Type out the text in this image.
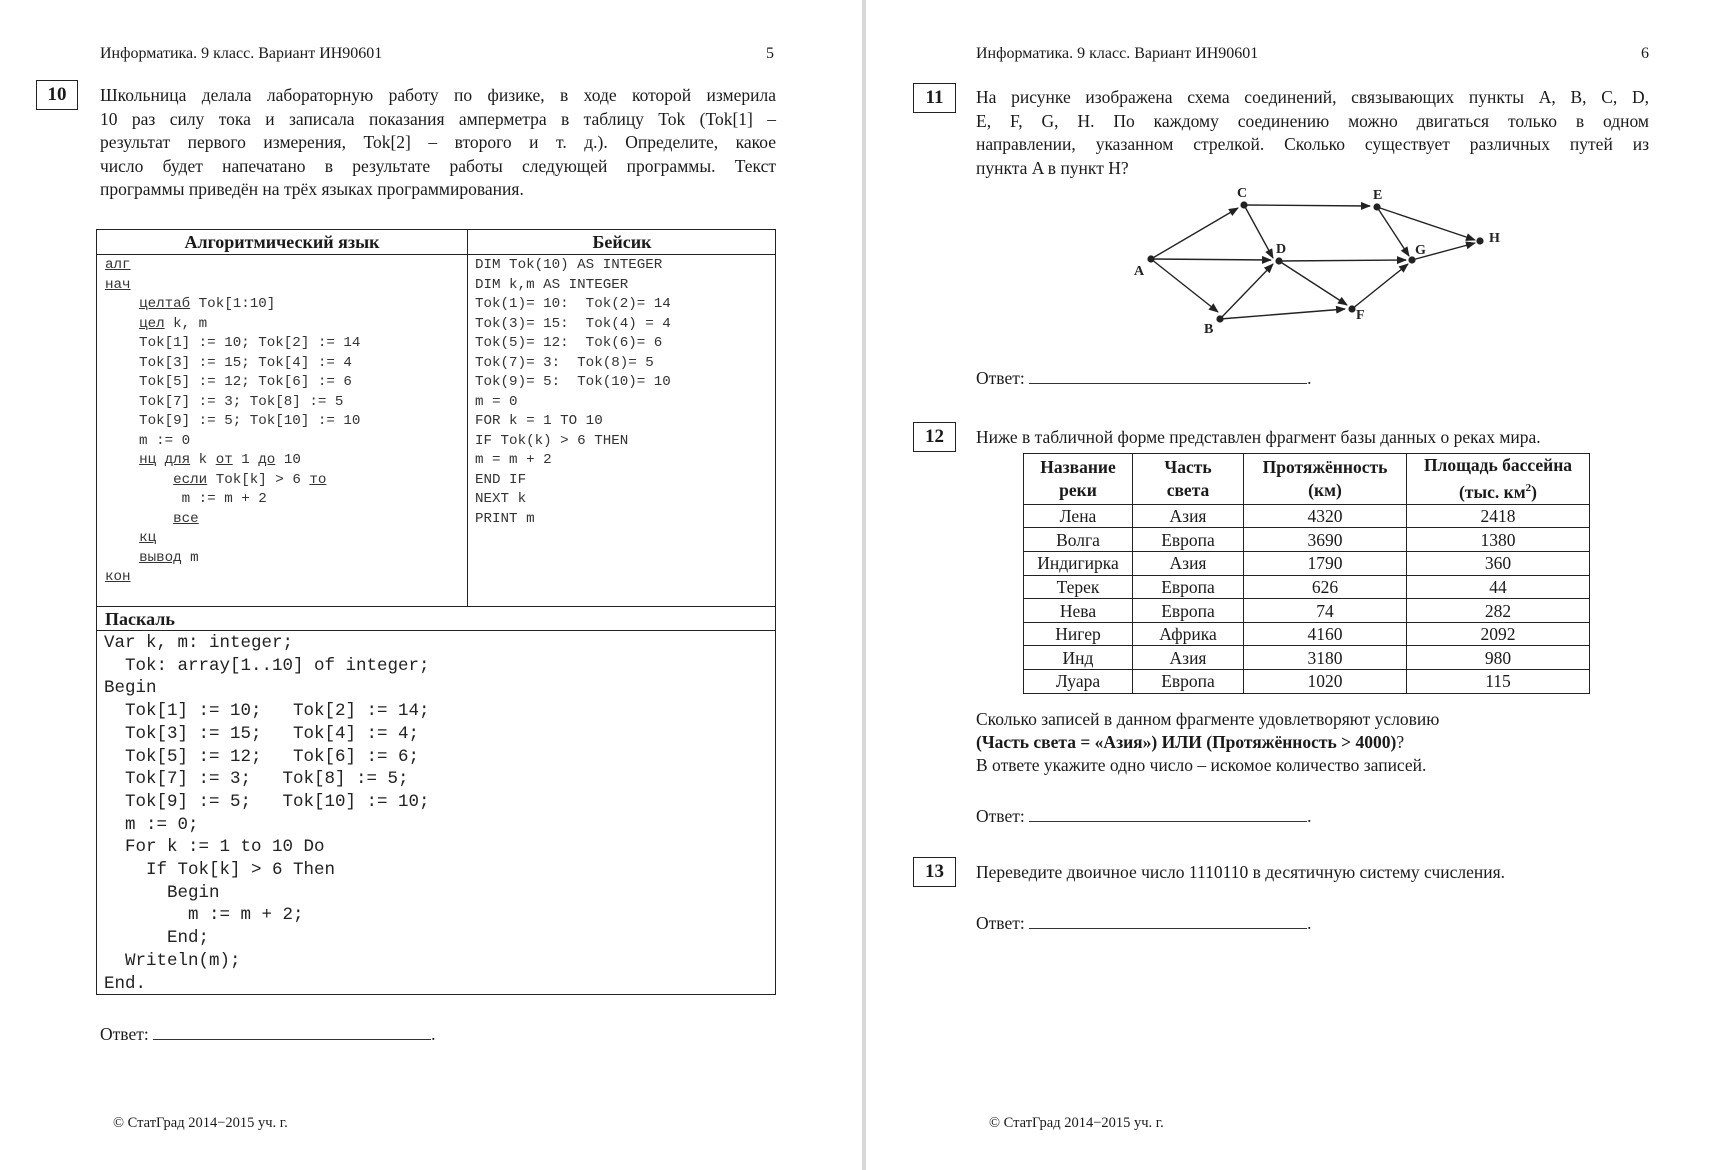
Информатика. 9 класс. Вариант ИН90601	5
10	Школьница делала лабораторную работу по физике, в ходе которой измерила
10 раз силу тока и записала показания амперметра в таблицу Tok (Tok[1] –
результат первого измерения, Tok[2] – второго и т. д.). Определите, какое
число будет напечатано в результате работы следующей программы. Текст
программы приведён на трёх языках программирования.
Алгоритмический язык	Бейсик
алг
нач
целтаб Tok[1:10]
цел k, m
Tok[1] := 10; Tok[2] := 14
Tok[3] := 15; Tok[4] := 4
Tok[5] := 12; Tok[6] := 6
Tok[7] := 3; Tok[8] := 5
Tok[9] := 5; Tok[10] := 10
m := 0
нц для k от 1 до 10
если Tok[k] > 6 то
m := m + 2
все
кц
вывод m
кон
DIM Tok(10) AS INTEGER
DIM k,m AS INTEGER
Tok(1)= 10:  Tok(2)= 14
Tok(3)= 15:  Tok(4) = 4
Tok(5)= 12:  Tok(6)= 6
Tok(7)= 3:  Tok(8)= 5
Tok(9)= 5:  Tok(10)= 10
m = 0
FOR k = 1 TO 10
IF Tok(k) > 6 THEN
m = m + 2
END IF
NEXT k
PRINT m
Паскаль
Var k, m: integer;
Tok: array[1..10] of integer;
Begin
Tok[1] := 10;   Tok[2] := 14;
Tok[3] := 15;   Tok[4] := 4;
Tok[5] := 12;   Tok[6] := 6;
Tok[7] := 3;   Tok[8] := 5;
Tok[9] := 5;   Tok[10] := 10;
m := 0;
For k := 1 to 10 Do
If Tok[k] > 6 Then
Begin
m := m + 2;
End;
Writeln(m);
End.
Ответ:	.
© СтатГрад 2014−2015 уч. г.
Информатика. 9 класс. Вариант ИН90601	6
11	На рисунке изображена схема соединений, связывающих пункты A, B, C, D,
E, F, G, H. По каждому соединению можно двигаться только в одном
направлении, указанном стрелкой. Сколько существует различных путей из
пункта A в пункт H?
A
B
C
D
E
F
G
H
Ответ:	.
12	Ниже в табличной форме представлен фрагмент базы данных о реках мира.
Название
реки	Часть
света	Протяжённость
(км)	Площадь бассейна
(тыс. $км^2$)
Лена	Азия	4320	2418
Волга	Европа	3690	1380
Индигирка	Азия	1790	360
Терек	Европа	626	44
Нева	Европа	74	282
Нигер	Африка	4160	2092
Инд	Азия	3180	980
Луара	Европа	1020	115
Сколько записей в данном фрагменте удовлетворяют условию
(Часть света = «Азия») ИЛИ (Протяжённость > 4000)?
В ответе укажите одно число – искомое количество записей.
Ответ:	.
13	Переведите двоичное число 1110110 в десятичную систему счисления.
Ответ:	.
© СтатГрад 2014−2015 уч. г.
